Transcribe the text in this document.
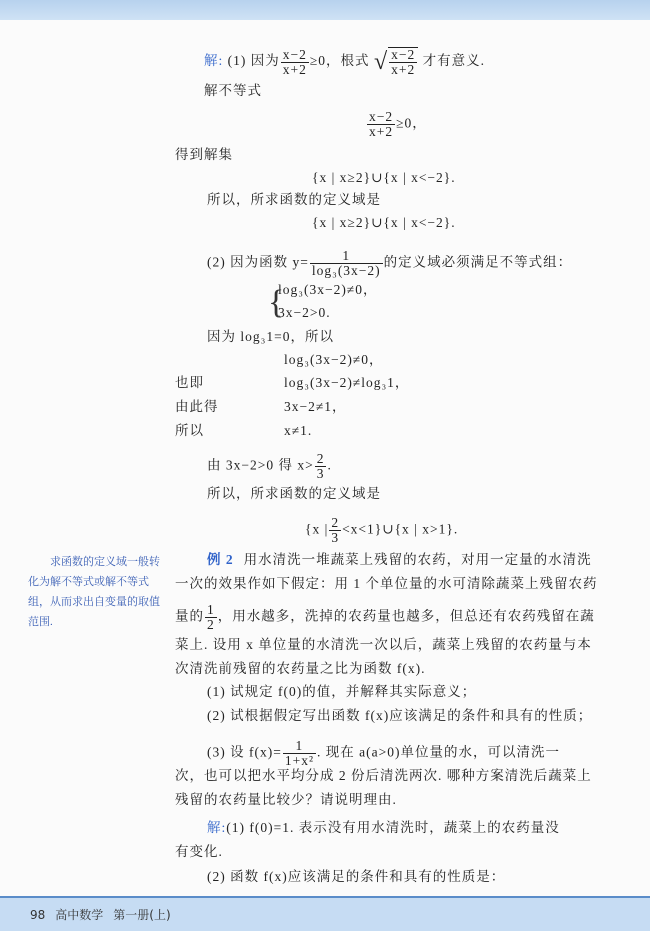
解: (1) 因为 $\frac{x-2}{x+2} \ge 0$，根式 √ $\frac{x-2}{x+2}$ 才有意义.
解不等式
$\frac{x-2}{x+2} \ge 0$，
得到解集
{x | x≥2}∪{x | x<−2}.
所以，所求函数的定义域是
{x | x≥2}∪{x | x<−2}.
(2) 因为函数 $y= \frac{1}{\text{log₃(3x−2)}}$ 的定义域必须满足不等式组：
{
log₃(3x−2)≠0，
3x−2>0.
因为 log₃1=0，所以
log₃(3x−2)≠0，
也即	log₃(3x−2)≠log₃1，
由此得	3x−2≠1，
所以	x≠1.
由 3x−2>0 得 $x> \frac{2}{3}$ .
所以，所求函数的定义域是
{x | $\frac{2}{3}$ <x<1}∪{x | x>1}.
求函数的定义域一般转化为解不等式或解不等式组，从而求出自变量的取值范围.
例 2 用水清洗一堆蔬菜上残留的农药，对用一定量的水清洗
一次的效果作如下假定：用 1 个单位量的水可清除蔬菜上残留农药
量的 $\frac{1}{2}$ ，用水越多，洗掉的农药量也越多，但总还有农药残留在蔬
菜上. 设用 x 单位量的水清洗一次以后，蔬菜上残留的农药量与本
次清洗前残留的农药量之比为函数 f(x).
(1) 试规定 f(0)的值，并解释其实际意义；
(2) 试根据假定写出函数 f(x)应该满足的条件和具有的性质；
(3) 设 $f(x)= \frac{1}{\text{1+x²}}$ . 现在 a(a>0)单位量的水，可以清洗一
次，也可以把水平均分成 2 份后清洗两次. 哪种方案清洗后蔬菜上
残留的农药量比较少？请说明理由.
解:(1) f(0)=1. 表示没有用水清洗时，蔬菜上的农药量没
有变化.
(2) 函数 f(x)应该满足的条件和具有的性质是：
98 高中数学 第一册(上)
